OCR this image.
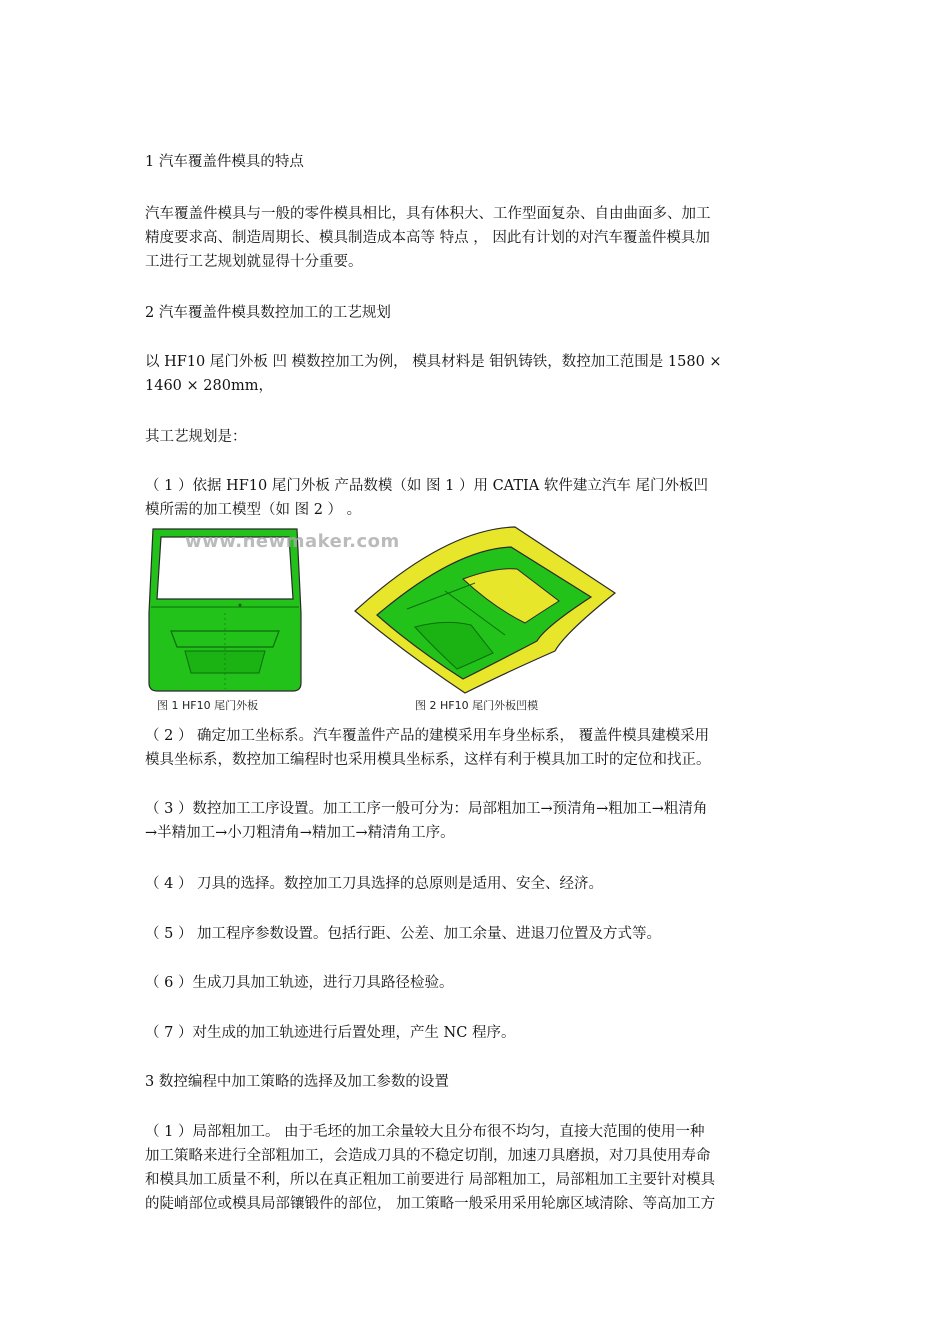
1 汽车覆盖件模具的特点
汽车覆盖件模具与一般的零件模具相比，具有体积大、工作型面复杂、自由曲面多、加工
精度要求高、制造周期长、模具制造成本高等 特点 ， 因此有计划的对汽车覆盖件模具加
工进行工艺规划就显得十分重要。
2 汽车覆盖件模具数控加工的工艺规划
以 HF10 尾门外板 凹 模数控加工为例， 模具材料是 钼钒铸铁，数控加工范围是 1580 ×
1460 × 280mm，
其工艺规划是：
（ 1 ）依据 HF10 尾门外板 产品数模（如 图 1 ）用 CATIA 软件建立汽车 尾门外板凹
模所需的加工模型（如 图 2 ） 。
www.newmaker.com
图 1 HF10 尾门外板	图 2 HF10 尾门外板凹模
（ 2 ） 确定加工坐标系。汽车覆盖件产品的建模采用车身坐标系， 覆盖件模具建模采用
模具坐标系，数控加工编程时也采用模具坐标系，这样有利于模具加工时的定位和找正。
（ 3 ）数控加工工序设置。加工工序一般可分为：局部粗加工→预清角→粗加工→粗清角
→半精加工→小刀粗清角→精加工→精清角工序。
（ 4 ） 刀具的选择。数控加工刀具选择的总原则是适用、安全、经济。
（ 5 ） 加工程序参数设置。包括行距、公差、加工余量、进退刀位置及方式等。
（ 6 ）生成刀具加工轨迹，进行刀具路径检验。
（ 7 ）对生成的加工轨迹进行后置处理，产生 NC 程序。
3 数控编程中加工策略的选择及加工参数的设置
（ 1 ）局部粗加工。 由于毛坯的加工余量较大且分布很不均匀，直接大范围的使用一种
加工策略来进行全部粗加工，会造成刀具的不稳定切削，加速刀具磨损，对刀具使用寿命
和模具加工质量不利，所以在真正粗加工前要进行 局部粗加工，局部粗加工主要针对模具
的陡峭部位或模具局部镶锻件的部位， 加工策略一般采用采用轮廓区域清除、等高加工方
